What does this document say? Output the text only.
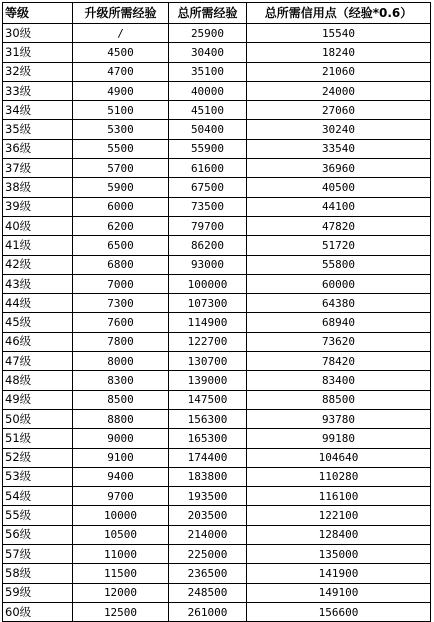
等级	升级所需经验	总所需经验	总所需信用点（经验*0.6）
30级	/	25900	15540
31级	4500	30400	18240
32级	4700	35100	21060
33级	4900	40000	24000
34级	5100	45100	27060
35级	5300	50400	30240
36级	5500	55900	33540
37级	5700	61600	36960
38级	5900	67500	40500
39级	6000	73500	44100
40级	6200	79700	47820
41级	6500	86200	51720
42级	6800	93000	55800
43级	7000	100000	60000
44级	7300	107300	64380
45级	7600	114900	68940
46级	7800	122700	73620
47级	8000	130700	78420
48级	8300	139000	83400
49级	8500	147500	88500
50级	8800	156300	93780
51级	9000	165300	99180
52级	9100	174400	104640
53级	9400	183800	110280
54级	9700	193500	116100
55级	10000	203500	122100
56级	10500	214000	128400
57级	11000	225000	135000
58级	11500	236500	141900
59级	12000	248500	149100
60级	12500	261000	156600
